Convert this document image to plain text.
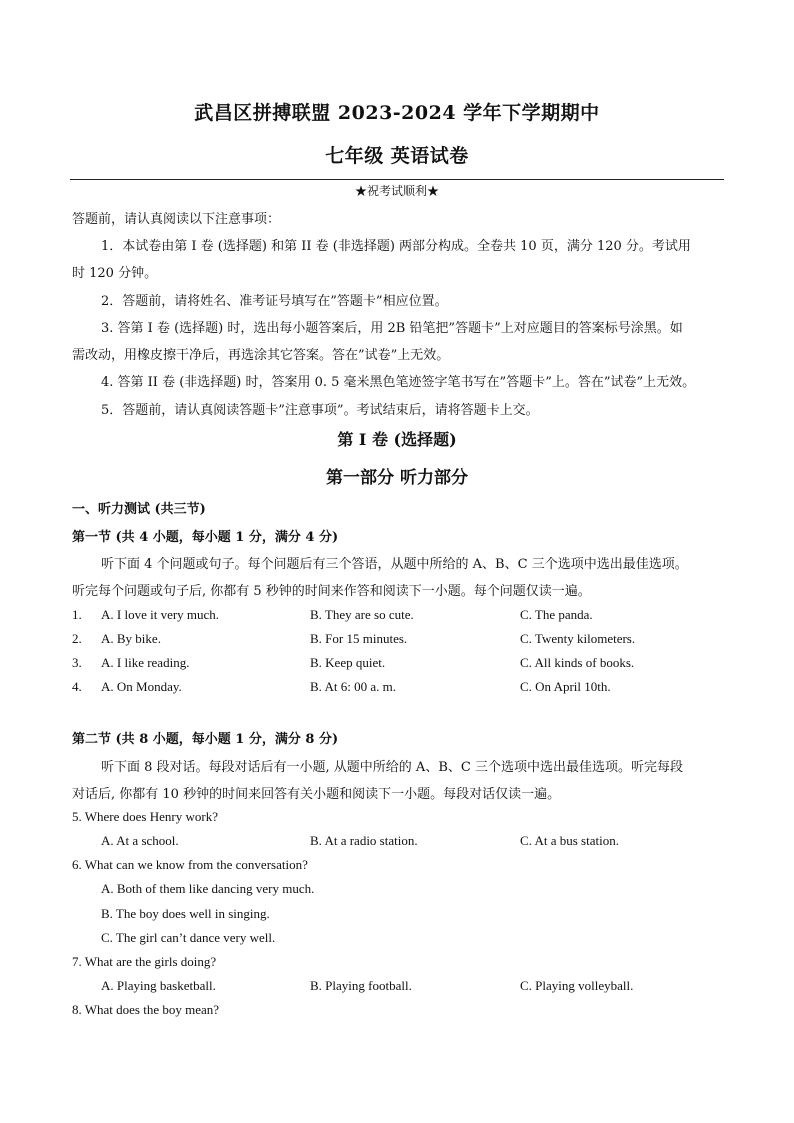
武昌区拼搏联盟 2023-2024 学年下学期期中
七年级 英语试卷
★祝考试顺利★
答题前，请认真阅读以下注意事项：
1．本试卷由第 I 卷 (选择题) 和第 II 卷 (非选择题) 两部分构成。全卷共 10 页，满分 120 分。考试用
时 120 分钟。
2．答题前，请将姓名、准考证号填写在”答题卡”相应位置。
3. 答第 I 卷 (选择题) 时，选出每小题答案后，用 2B 铅笔把”答题卡”上对应题目的答案标号涂黑。如
需改动，用橡皮擦干净后，再选涂其它答案。答在”试卷”上无效。
4. 答第 II 卷 (非选择题) 时，答案用 0. 5 毫米黑色笔迹签字笔书写在”答题卡”上。答在”试卷”上无效。
5．答题前，请认真阅读答题卡”注意事项”。考试结束后，请将答题卡上交。
第 I 卷 (选择题)
第一部分 听力部分
一、听力测试 (共三节)
第一节 (共 4 小题，每小题 1 分，满分 4 分)
听下面 4 个问题或句子。每个问题后有三个答语，从题中所给的 A、B、C 三个选项中选出最佳选项。
听完每个问题或句子后, 你都有 5 秒钟的时间来作答和阅读下一小题。每个问题仅读一遍。
1. A. I love it very much.	B. They are so cute.	C. The panda.
2. A. By bike.	B. For 15 minutes.	C. Twenty kilometers.
3. A. I like reading.	B. Keep quiet.	C. All kinds of books.
4. A. On Monday.	B. At 6: 00 a. m.	C. On April 10th.
第二节 (共 8 小题，每小题 1 分，满分 8 分)
听下面 8 段对话。每段对话后有一小题, 从题中所给的 A、B、C 三个选项中选出最佳选项。听完每段
对话后, 你都有 10 秒钟的时间来回答有关小题和阅读下一小题。每段对话仅读一遍。
5. Where does Henry work?
A. At a school.	B. At a radio station.	C. At a bus station.
6. What can we know from the conversation?
A. Both of them like dancing very much.
B. The boy does well in singing.
C. The girl can’t dance very well.
7. What are the girls doing?
A. Playing basketball.	B. Playing football.	C. Playing volleyball.
8. What does the boy mean?
